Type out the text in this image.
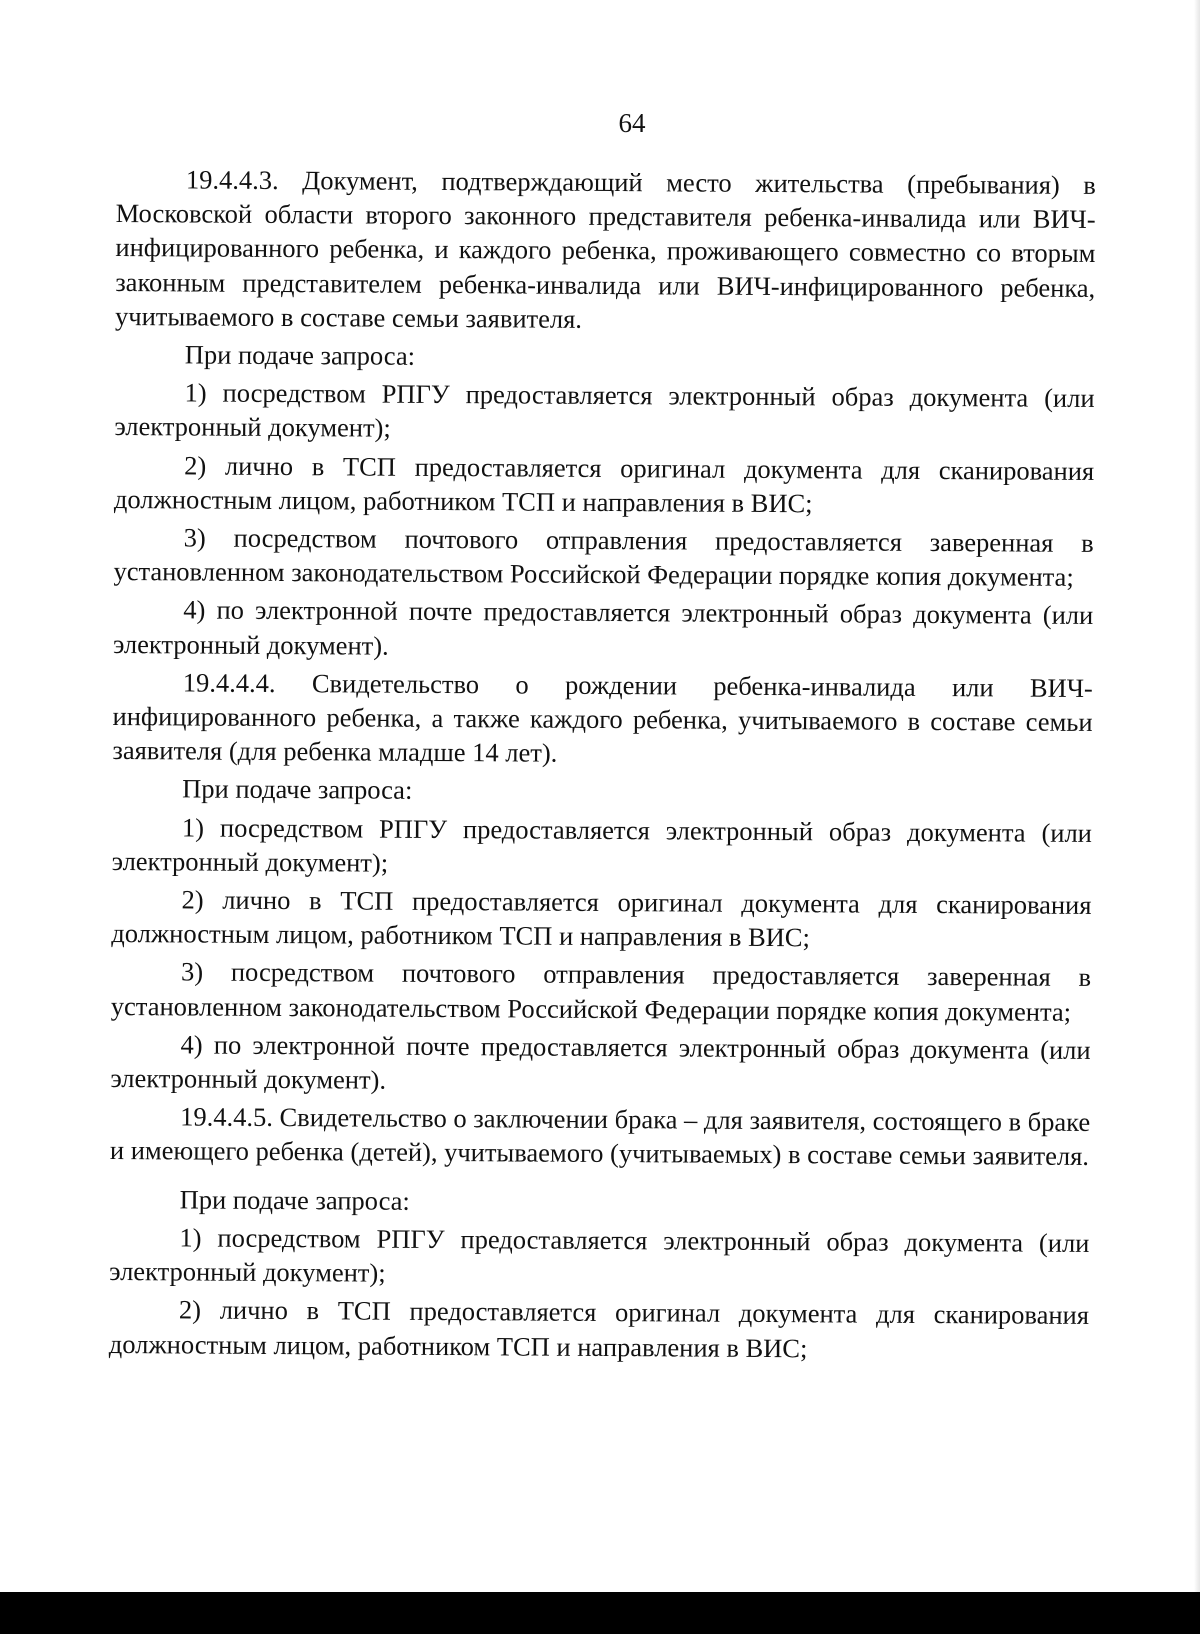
64

19.4.4.3. Документ, подтверждающий место жительства (пребывания) в Московской области второго законного представителя ребенка-инвалида или ВИЧ-инфицированного ребенка, и каждого ребенка, проживающего совместно со вторым законным представителем ребенка-инвалида или ВИЧ-инфицированного ребенка, учитываемого в составе семьи заявителя.

При подаче запроса:

1) посредством РПГУ предоставляется электронный образ документа (или электронный документ);

2) лично в ТСП предоставляется оригинал документа для сканирования должностным лицом, работником ТСП и направления в ВИС;

3) посредством почтового отправления предоставляется заверенная в установленном законодательством Российской Федерации порядке копия документа;

4) по электронной почте предоставляется электронный образ документа (или электронный документ).

19.4.4.4. Свидетельство о рождении ребенка-инвалида или ВИЧ-инфицированного ребенка, а также каждого ребенка, учитываемого в составе семьи заявителя (для ребенка младше 14 лет).

При подаче запроса:

1) посредством РПГУ предоставляется электронный образ документа (или электронный документ);

2) лично в ТСП предоставляется оригинал документа для сканирования должностным лицом, работником ТСП и направления в ВИС;

3) посредством почтового отправления предоставляется заверенная в установленном законодательством Российской Федерации порядке копия документа;

4) по электронной почте предоставляется электронный образ документа (или электронный документ).

19.4.4.5. Свидетельство о заключении брака – для заявителя, состоящего в браке и имеющего ребенка (детей), учитываемого (учитываемых) в составе семьи заявителя.

При подаче запроса:

1) посредством РПГУ предоставляется электронный образ документа (или электронный документ);

2) лично в ТСП предоставляется оригинал документа для сканирования должностным лицом, работником ТСП и направления в ВИС;
